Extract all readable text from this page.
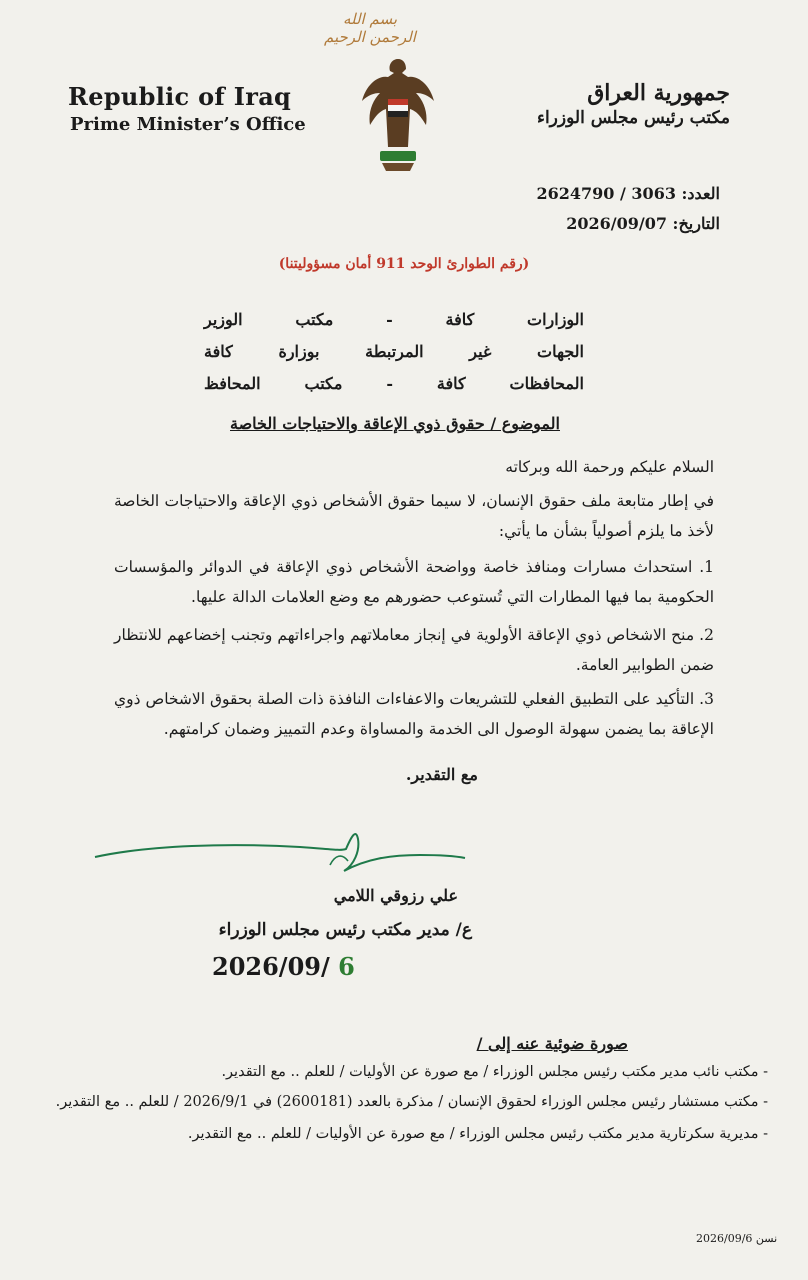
بسم الله الرحمن الرحيم
Republic of Iraq
Prime Minister’s Office
جمهورية العراق
مكتب رئيس مجلس الوزراء
العدد: 3063 / 2624790
التاريخ: 2026/09/07
(رقم الطوارئ الوحد 911 أمان مسؤوليتنا)
الوزارات كافة - مكتب الوزير
الجهات غير المرتبطة بوزارة كافة
المحافظات كافة - مكتب المحافظ
الموضوع / حقوق ذوي الإعاقة والاحتياجات الخاصة
السلام عليكم ورحمة الله وبركاته
في إطار متابعة ملف حقوق الإنسان، لا سيما حقوق الأشخاص ذوي الإعاقة والاحتياجات الخاصة لأخذ ما يلزم أصولياً بشأن ما يأتي:
1. استحداث مسارات ومنافذ خاصة وواضحة الأشخاص ذوي الإعاقة في الدوائر والمؤسسات الحكومية بما فيها المطارات التي تُستوعب حضورهم مع وضع العلامات الدالة عليها.
2. منح الاشخاص ذوي الإعاقة الأولوية في إنجاز معاملاتهم واجراءاتهم وتجنب إخضاعهم للانتظار ضمن الطوابير العامة.
3. التأكيد على التطبيق الفعلي للتشريعات والاعفاءات النافذة ذات الصلة بحقوق الاشخاص ذوي الإعاقة بما يضمن سهولة الوصول الى الخدمة والمساواة وعدم التمييز وضمان كرامتهم.
مع التقدير.
علي رزوقي اللامي
ع/ مدير مكتب رئيس مجلس الوزراء
2026/09/ 6
صورة ضوئية عنه إلى /
- مكتب نائب مدير مكتب رئيس مجلس الوزراء / مع صورة عن الأوليات / للعلم .. مع التقدير.
- مكتب مستشار رئيس مجلس الوزراء لحقوق الإنسان / مذكرة بالعدد (2600181) في 2026/9/1 / للعلم .. مع التقدير.
- مديرية سكرتارية مدير مكتب رئيس مجلس الوزراء / مع صورة عن الأوليات / للعلم .. مع التقدير.
نسن 2026/09/6
